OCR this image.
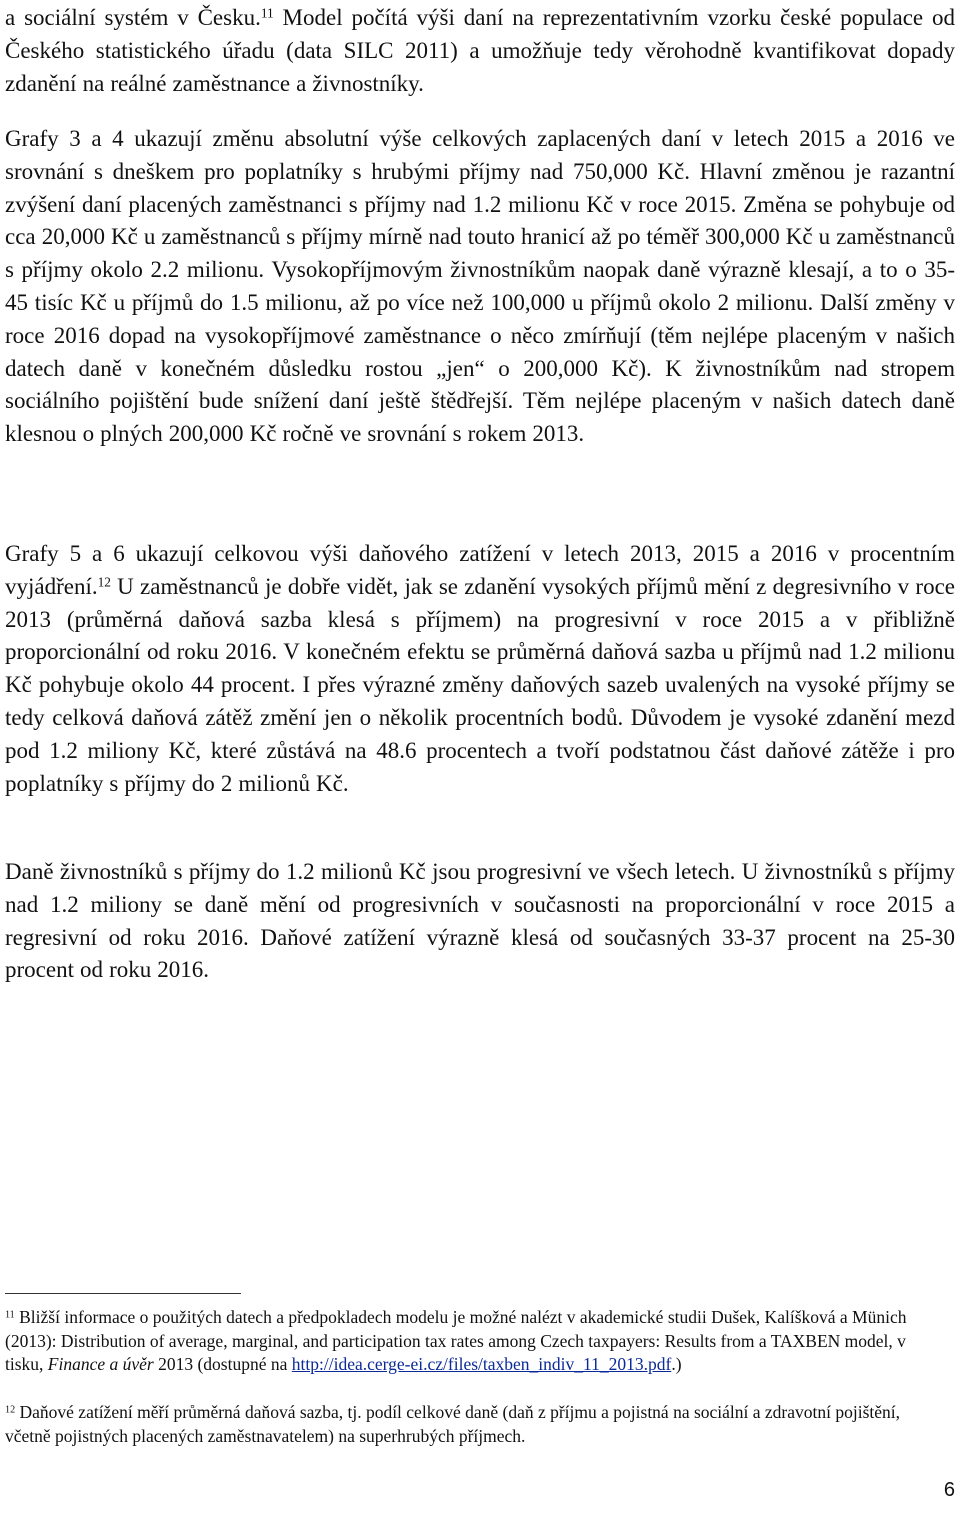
a sociální systém v Česku.$^{11}$ Model počítá výši daní na reprezentativním vzorku české populace od Českého statistického úřadu (data SILC 2011) a umožňuje tedy věrohodně kvantifikovat dopady zdanění na reálné zaměstnance a živnostníky.

Grafy 3 a 4 ukazují změnu absolutní výše celkových zaplacených daní v letech 2015 a 2016 ve srovnání s dneškem pro poplatníky s hrubými příjmy nad 750,000 Kč. Hlavní změnou je razantní zvýšení daní placených zaměstnanci s příjmy nad 1.2 milionu Kč v roce 2015. Změna se pohybuje od cca 20,000 Kč u zaměstnanců s příjmy mírně nad touto hranicí až po téměř 300,000 Kč u zaměstnanců s příjmy okolo 2.2 milionu. Vysokopříjmovým živnostníkům naopak daně výrazně klesají, a to o 35-45 tisíc Kč u příjmů do 1.5 milionu, až po více než 100,000 u příjmů okolo 2 milionu. Další změny v roce 2016 dopad na vysokopříjmové zaměstnance o něco zmírňují (těm nejlépe placeným v našich datech daně v konečném důsledku rostou „jen“ o 200,000 Kč). K živnostníkům nad stropem sociálního pojištění bude snížení daní ještě štědřejší. Těm nejlépe placeným v našich datech daně klesnou o plných 200,000 Kč ročně ve srovnání s rokem 2013.

Grafy 5 a 6 ukazují celkovou výši daňového zatížení v letech 2013, 2015 a 2016 v procentním vyjádření.$^{12}$ U zaměstnanců je dobře vidět, jak se zdanění vysokých příjmů mění z degresivního v roce 2013 (průměrná daňová sazba klesá s příjmem) na progresivní v roce 2015 a v přibližně proporcionální od roku 2016. V konečném efektu se průměrná daňová sazba u příjmů nad 1.2 milionu Kč pohybuje okolo 44 procent. I přes výrazné změny daňových sazeb uvalených na vysoké příjmy se tedy celková daňová zátěž změní jen o několik procentních bodů. Důvodem je vysoké zdanění mezd pod 1.2 miliony Kč, které zůstává na 48.6 procentech a tvoří podstatnou část daňové zátěže i pro poplatníky s příjmy do 2 milionů Kč.

Daně živnostníků s příjmy do 1.2 milionů Kč jsou progresivní ve všech letech. U živnostníků s příjmy nad 1.2 miliony se daně mění od progresivních v současnosti na proporcionální v roce 2015 a regresivní od roku 2016. Daňové zatížení výrazně klesá od současných 33-37 procent na 25-30 procent od roku 2016.

$^{11}$ Bližší informace o použitých datech a předpokladech modelu je možné nalézt v akademické studii Dušek, Kalíšková a Münich (2013): Distribution of average, marginal, and participation tax rates among Czech taxpayers: Results from a TAXBEN model, v tisku, Finance a úvěr 2013 (dostupné na http://idea.cerge-ei.cz/files/taxben_indiv_11_2013.pdf.)

$^{12}$ Daňové zatížení měří průměrná daňová sazba, tj. podíl celkové daně (daň z příjmu a pojistná na sociální a zdravotní pojištění, včetně pojistných placených zaměstnavatelem) na superhrubých příjmech.

6
